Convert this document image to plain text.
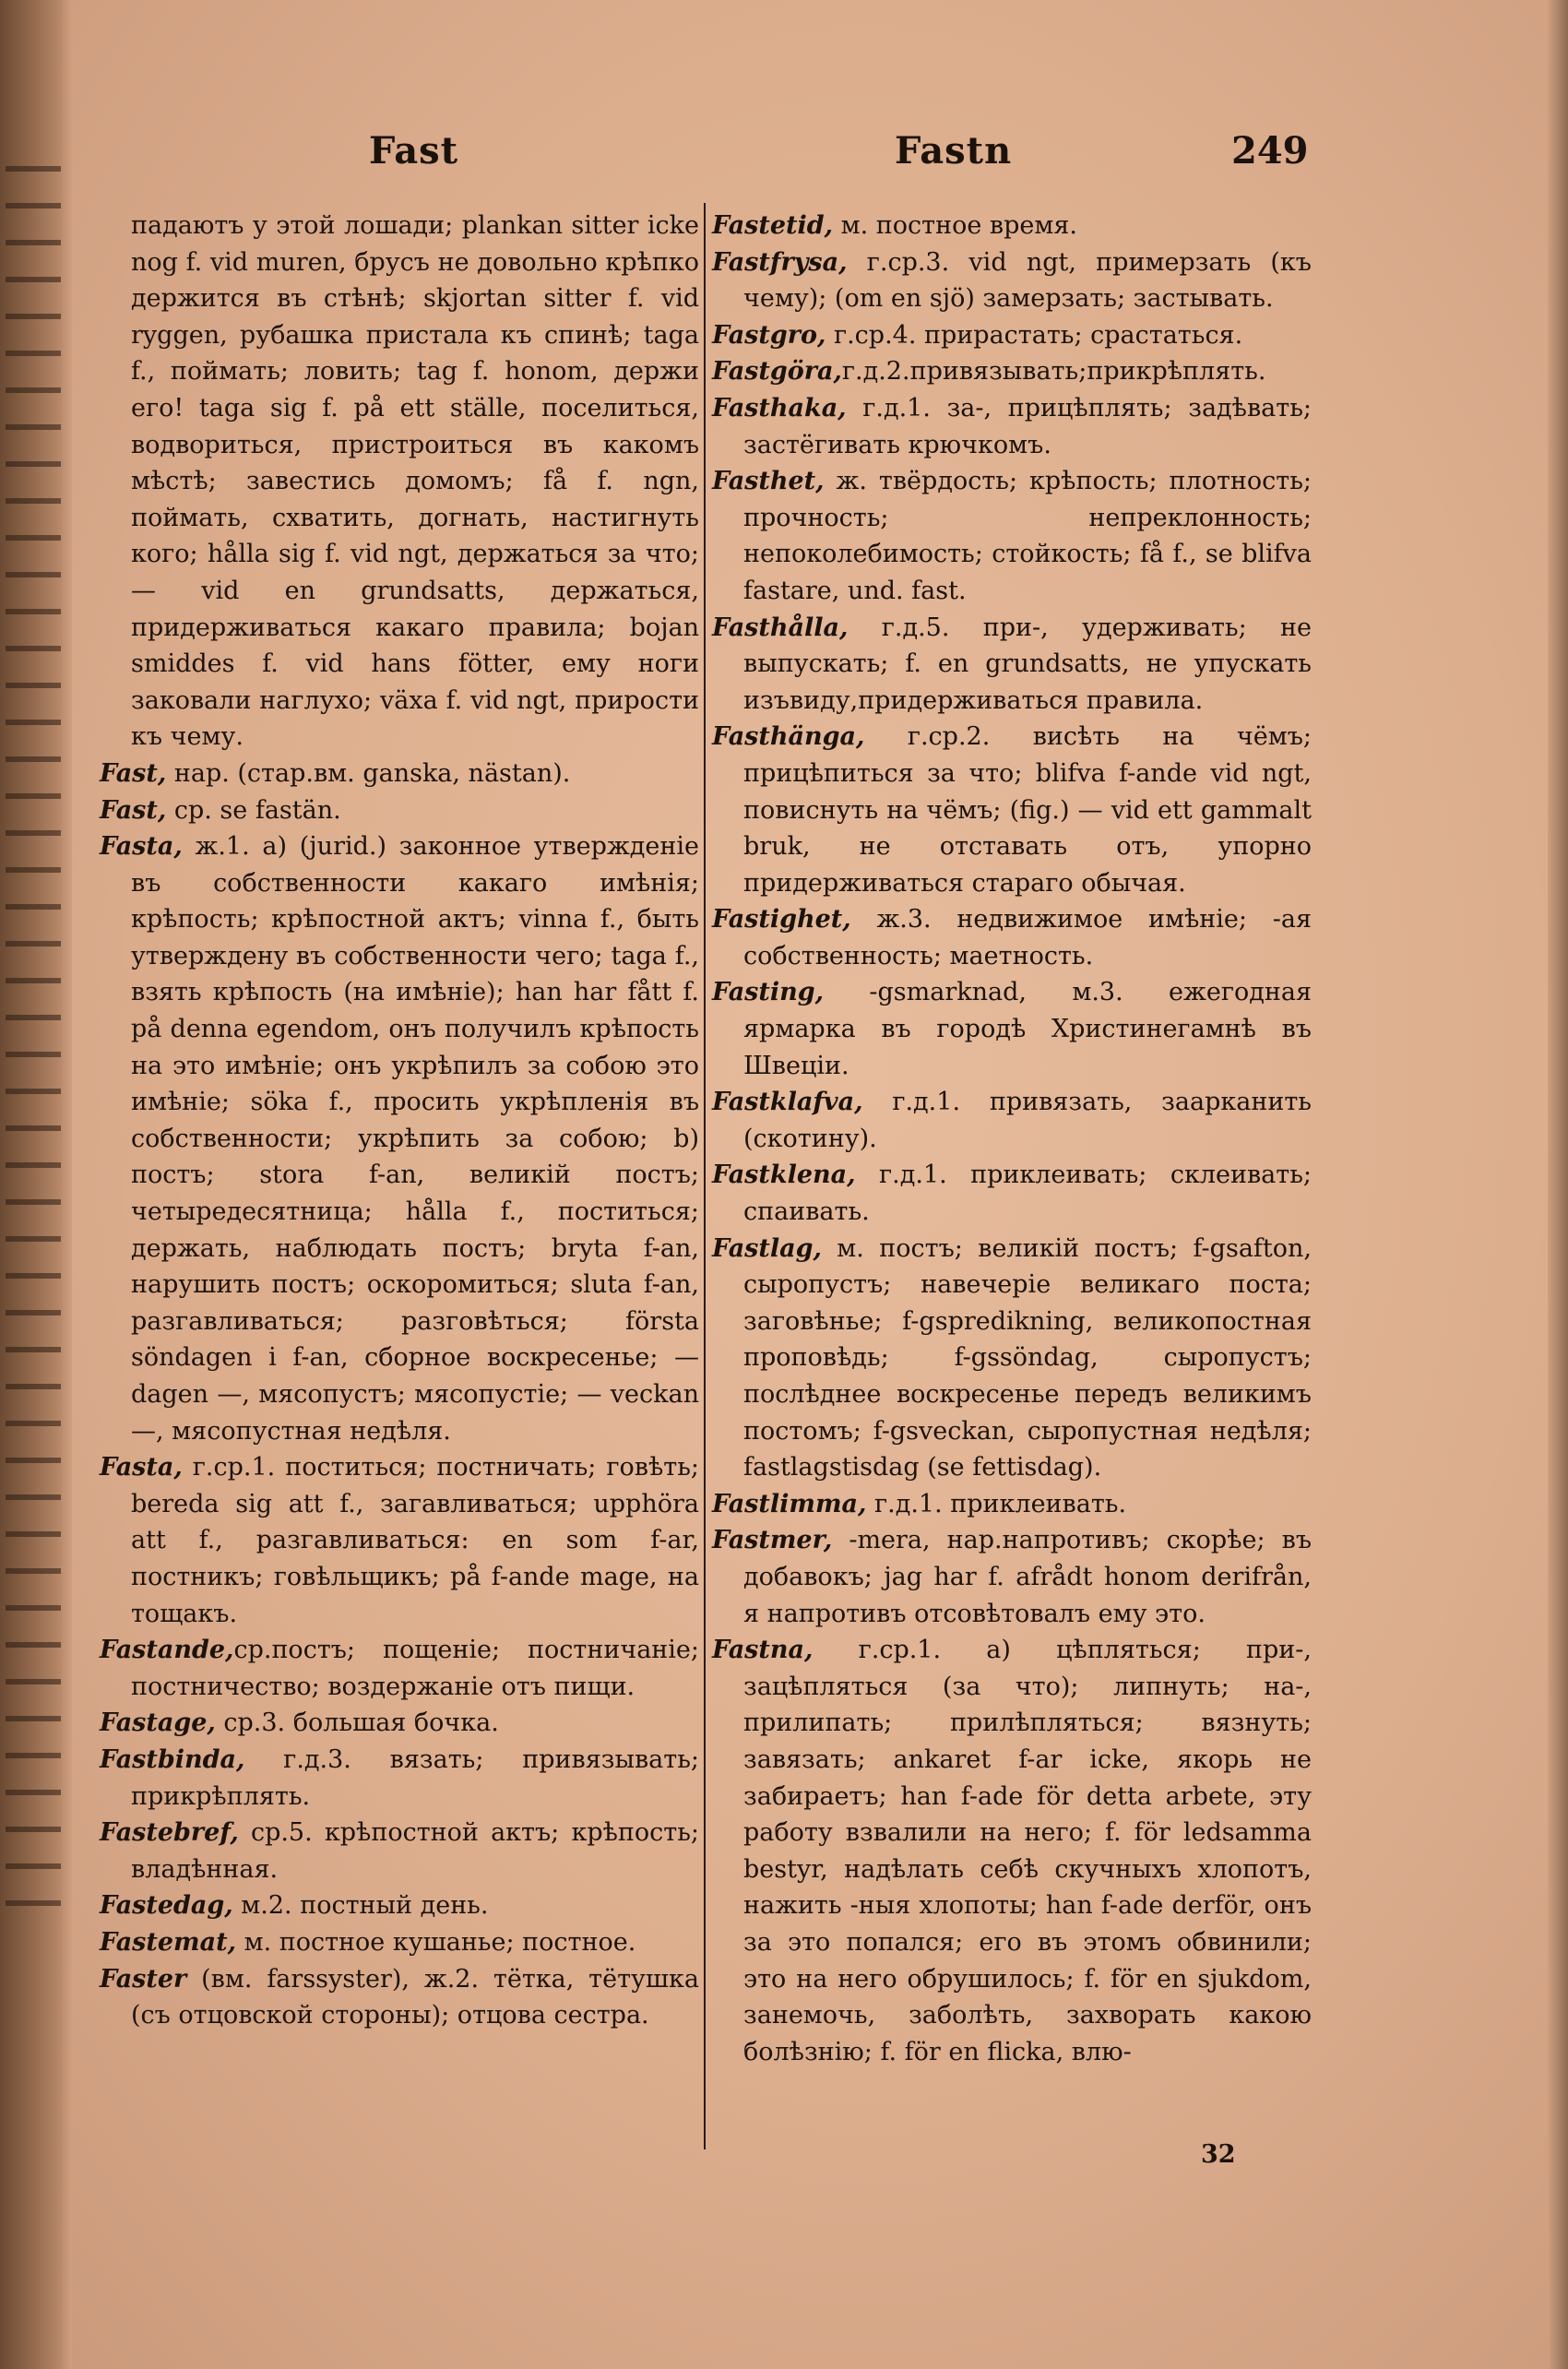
Fast	Fastn	249

падаютъ у этой лошади; plankan sitter icke nog f. vid muren, брусъ не довольно крѣпко держится въ стѣнѣ; skjortan sitter f. vid ryggen, рубашка пристала къ спинѣ; taga f., поймать; ловить; tag f. honom, держи его! taga sig f. på ett ställe, поселиться, водвориться, пристроиться въ какомъ мѣстѣ; завестись домомъ; få f. ngn, поймать, схватить, догнать, настигнуть кого; hålla sig f. vid ngt, держаться за что; — vid en grundsatts, держаться, придерживаться какаго правила; bojan smiddes f. vid hans fötter, ему ноги заковали наглухо; växa f. vid ngt, прирости къ чему.

Fast, нар. (стар.вм. ganska, nästan).

Fast, ср. se fastän.

Fasta, ж.1. a) (jurid.) законное утвержденіе въ собственности какаго имѣнія; крѣпость; крѣпостной актъ; vinna f., быть утвержденy въ собственности чего; taga f., взять крѣпость (на имѣніе); han har fått f. på denna egendom, онъ получилъ крѣпость на это имѣніе; онъ укрѣпилъ за собою это имѣніе; söka f., просить укрѣпленія въ собственности; укрѣпить за собою; b) постъ; stora f-an, великій постъ; четыредесятница; hålla f., поститься; держать, наблюдать постъ; bryta f-an, нарушить постъ; оскоромиться; sluta f-an, разгавливаться; разговѣться; första söndagen i f-an, сборное воскресенье; — dagen —, мясопустъ; мясопустіе; — veckan —, мясопустная недѣля.

Fasta, г.ср.1. поститься; постничать; говѣть; bereda sig att f., загавливаться; upphöra att f., разгавливаться: en som f-ar, постникъ; говѣльщикъ; på f-ande mage, на тощакъ.

Fastande,ср.постъ; пощеніе; постничаніе; постничество; воздержаніе отъ пищи.

Fastage, ср.3. большая бочка.

Fastbinda, г.д.3. вязать; привязывать; прикрѣплять.

Fastebref, ср.5. крѣпостной актъ; крѣпость; владѣнная.

Fastedag, м.2. постный день.

Fastemat, м. постное кушанье; постное.

Faster (вм. farssyster), ж.2. тётка, тётушка (съ отцовской стороны); отцова сестра.

Fastetid, м. постное время.

Fastfrysa, г.ср.3. vid ngt, примерзать (къ чему); (om en sjö) замерзать; застывать.

Fastgro, г.ср.4. прирастать; срастаться.

Fastgöra,г.д.2.привязывать;прикрѣплять.

Fasthaka, г.д.1. за-, прицѣплять; задѣвать; застёгивать крючкомъ.

Fasthet, ж. твёрдость; крѣпость; плотность; прочность; непреклонность; непоколебимость; стойкость; få f., se blifva fastare, und. fast.

Fasthålla, г.д.5. при-, удерживать; не выпускать; f. en grundsatts, не упускать изъвиду,придерживаться правила.

Fasthänga, г.ср.2. висѣть на чёмъ; прицѣпиться за что; blifva f-ande vid ngt, повиснуть на чёмъ; (fig.) — vid ett gammalt bruk, не отставать отъ, упорно придерживаться стараго обычая.

Fastighet, ж.3. недвижимое имѣніе; -ая собственность; маетность.

Fasting, -gsmarknad, м.3. ежегодная ярмарка въ городѣ Христинегамнѣ въ Швеціи.

Fastklafva, г.д.1. привязать, заарканить (скотину).

Fastklena, г.д.1. приклеивать; склеивать; спаивать.

Fastlag, м. постъ; великій постъ; f-gsafton, сыропустъ; навечеріе великаго поста; заговѣнье; f-gspredikning, великопостная проповѣдь; f-gssöndag, сыропустъ; послѣднее воскресенье передъ великимъ постомъ; f-gsveckan, сыропустная недѣля; fastlagstisdag (se fettisdag).

Fastlimma, г.д.1. приклеивать.

Fastmer, -mera, нар.напротивъ; скорѣе; въ добавокъ; jag har f. afrådt honom derifrån, я напротивъ отсовѣтовалъ ему это.

Fastna, г.ср.1. a) цѣпляться; при-, зацѣпляться (за что); липнуть; на-, прилипать; прилѣпляться; вязнуть; завязать; ankaret f-ar icke, якорь не забираетъ; han f-ade för detta arbete, эту работу взвалили на него; f. för ledsamma bestyr, надѣлать себѣ скучныхъ хлопотъ, нажить -ныя хлопоты; han f-ade derför, онъ за это попался; его въ этомъ обвинили; это на него обрушилось; f. för en sjukdom, занемочь, заболѣть, захворать какою болѣзнію; f. för en flicka, влю-

32
